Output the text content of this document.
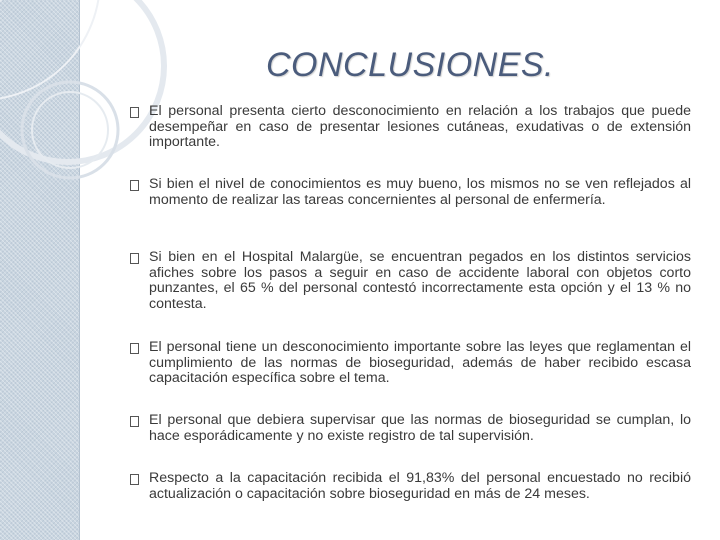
CONCLUSIONES.
El personal presenta cierto desconocimiento en relación a los trabajos que puede desempeñar en caso de presentar lesiones cutáneas, exudativas o de extensión importante.
Si bien el nivel de conocimientos es muy bueno, los mismos no se ven reflejados al momento de realizar las tareas concernientes al personal de enfermería.
Si bien en el Hospital Malargüe, se encuentran pegados en los distintos servicios afiches sobre los pasos a seguir en caso de accidente laboral con objetos corto punzantes, el 65 % del personal contestó incorrectamente esta opción y el 13 % no contesta.
El personal tiene un desconocimiento importante sobre las leyes que reglamentan el cumplimiento de las normas de bioseguridad, además de haber recibido escasa capacitación específica sobre el tema.
El personal que debiera supervisar que las normas de bioseguridad se cumplan, lo hace esporádicamente y no existe registro de tal supervisión.
Respecto a la capacitación recibida el 91,83% del personal encuestado no recibió actualización o capacitación sobre bioseguridad en más de 24 meses.
